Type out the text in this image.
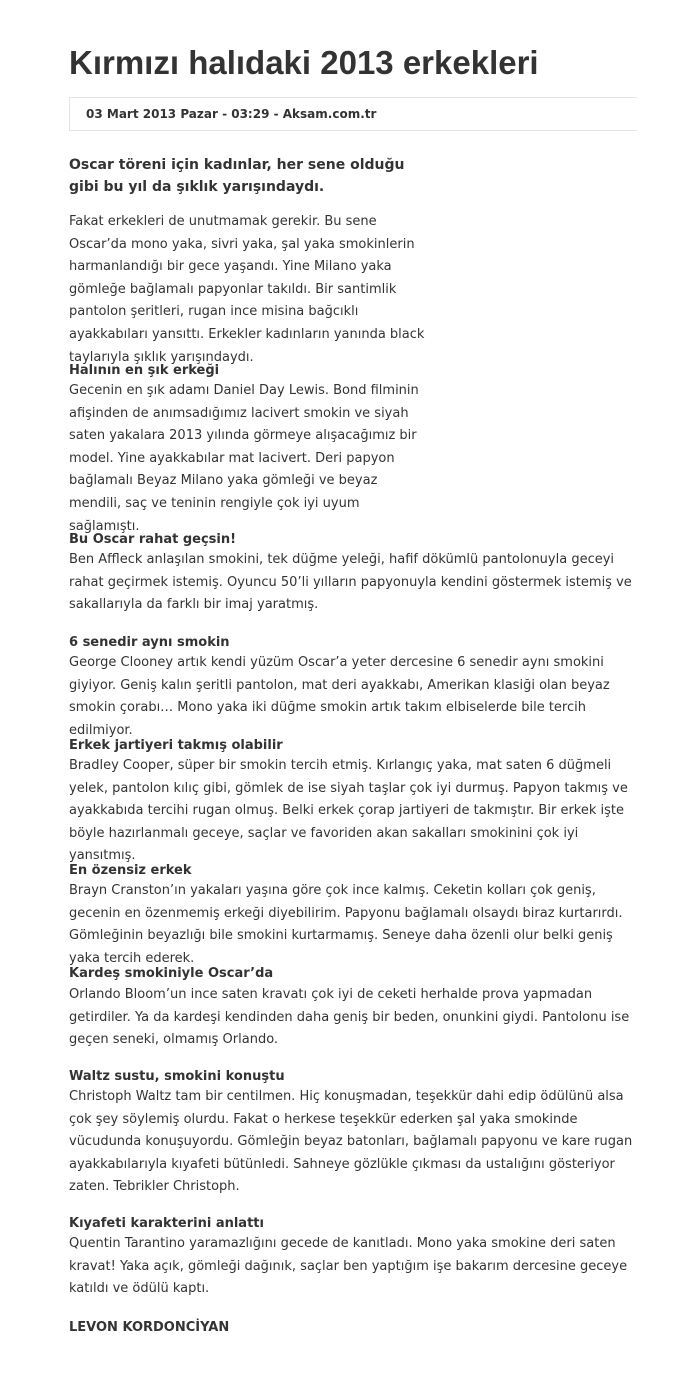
Kırmızı halıdaki 2013 erkekleri
03 Mart 2013 Pazar - 03:29 - Aksam.com.tr

Oscar töreni için kadınlar, her sene olduğu gibi bu yıl da şıklık yarışındaydı.

Fakat erkekleri de unutmamak gerekir. Bu sene Oscar’da mono yaka, sivri yaka, şal yaka smokinlerin harmanlandığı bir gece yaşandı. Yine Milano yaka gömleğe bağlamalı papyonlar takıldı. Bir santimlik pantolon şeritleri, rugan ince misina bağcıklı ayakkabıları yansıttı. Erkekler kadınların yanında black taylarıyla şıklık yarışındaydı.

Halının en şık erkeği

Gecenin en şık adamı Daniel Day Lewis. Bond filminin afişinden de anımsadığımız lacivert smokin ve siyah saten yakalara 2013 yılında görmeye alışacağımız bir model. Yine ayakkabılar mat lacivert. Deri papyon bağlamalı Beyaz Milano yaka gömleği ve beyaz mendili, saç ve teninin rengiyle çok iyi uyum sağlamıştı.

Bu Oscar rahat geçsin!

Ben Affleck anlaşılan smokini, tek düğme yeleği, hafif dökümlü pantolonuyla geceyi rahat geçirmek istemiş. Oyuncu 50’li yılların papyonuyla kendini göstermek istemiş ve sakallarıyla da farklı bir imaj yaratmış.

6 senedir aynı smokin

George Clooney artık kendi yüzüm Oscar’a yeter dercesine 6 senedir aynı smokini giyiyor. Geniş kalın şeritli pantolon, mat deri ayakkabı, Amerikan klasiği olan beyaz smokin çorabı… Mono yaka iki düğme smokin artık takım elbiselerde bile tercih edilmiyor.

Erkek jartiyeri takmış olabilir

Bradley Cooper, süper bir smokin tercih etmiş. Kırlangıç yaka, mat saten 6 düğmeli yelek, pantolon kılıç gibi, gömlek de ise siyah taşlar çok iyi durmuş. Papyon takmış ve ayakkabıda tercihi rugan olmuş. Belki erkek çorap jartiyeri de takmıştır. Bir erkek işte böyle hazırlanmalı geceye, saçlar ve favoriden akan sakalları smokinini çok iyi yansıtmış.

En özensiz erkek

Brayn Cranston’ın yakaları yaşına göre çok ince kalmış. Ceketin kolları çok geniş, gecenin en özenmemiş erkeği diyebilirim. Papyonu bağlamalı olsaydı biraz kurtarırdı. Gömleğinin beyazlığı bile smokini kurtarmamış. Seneye daha özenli olur belki geniş yaka tercih ederek.

Kardeş smokiniyle Oscar’da

Orlando Bloom’un ince saten kravatı çok iyi de ceketi herhalde prova yapmadan getirdiler. Ya da kardeşi kendinden daha geniş bir beden, onunkini giydi. Pantolonu ise geçen seneki, olmamış Orlando.

Waltz sustu, smokini konuştu

Christoph Waltz tam bir centilmen. Hiç konuşmadan, teşekkür dahi edip ödülünü alsa çok şey söylemiş olurdu. Fakat o herkese teşekkür ederken şal yaka smokinde vücudunda konuşuyordu. Gömleğin beyaz batonları, bağlamalı papyonu ve kare rugan ayakkabılarıyla kıyafeti bütünledi. Sahneye gözlükle çıkması da ustalığını gösteriyor zaten. Tebrikler Christoph.

Kıyafeti karakterini anlattı

Quentin Tarantino yaramazlığını gecede de kanıtladı. Mono yaka smokine deri saten kravat! Yaka açık, gömleği dağınık, saçlar ben yaptığım işe bakarım dercesine geceye katıldı ve ödülü kaptı.

LEVON KORDONCİYAN
